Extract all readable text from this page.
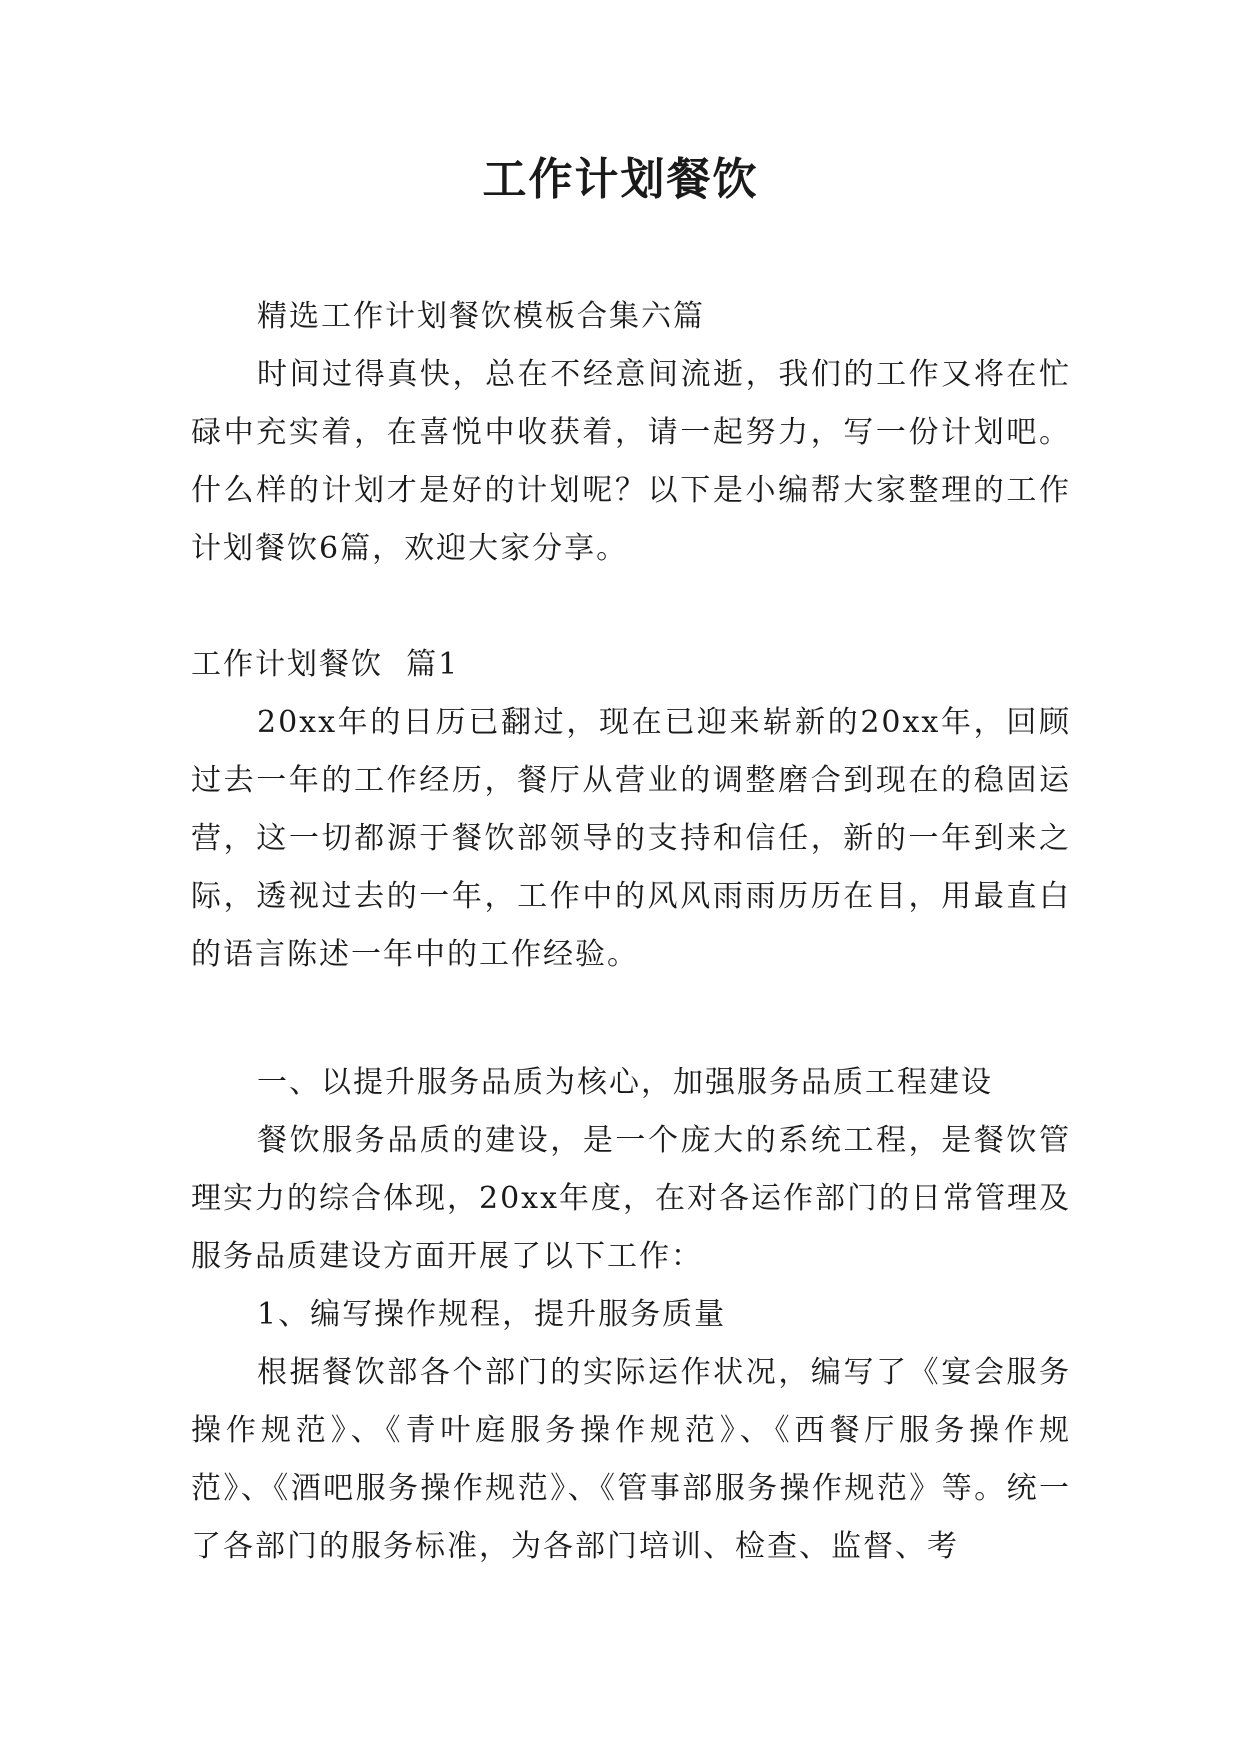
工作计划餐饮

精选工作计划餐饮模板合集六篇

时间过得真快，总在不经意间流逝，我们的工作又将在忙碌中充实着，在喜悦中收获着，请一起努力，写一份计划吧。什么样的计划才是好的计划呢？以下是小编帮大家整理的工作计划餐饮6篇，欢迎大家分享。

工作计划餐饮  篇1

20xx年的日历已翻过，现在已迎来崭新的20xx年，回顾过去一年的工作经历，餐厅从营业的调整磨合到现在的稳固运营，这一切都源于餐饮部领导的支持和信任，新的一年到来之际，透视过去的一年，工作中的风风雨雨历历在目，用最直白的语言陈述一年中的工作经验。

一、以提升服务品质为核心，加强服务品质工程建设

餐饮服务品质的建设，是一个庞大的系统工程，是餐饮管理实力的综合体现，20xx年度，在对各运作部门的日常管理及服务品质建设方面开展了以下工作：

1、编写操作规程，提升服务质量

根据餐饮部各个部门的实际运作状况，编写了《宴会服务操作规范》、《青叶庭服务操作规范》、《西餐厅服务操作规范》、《酒吧服务操作规范》、《管事部服务操作规范》等。统一了各部门的服务标准，为各部门培训、检查、监督、考
